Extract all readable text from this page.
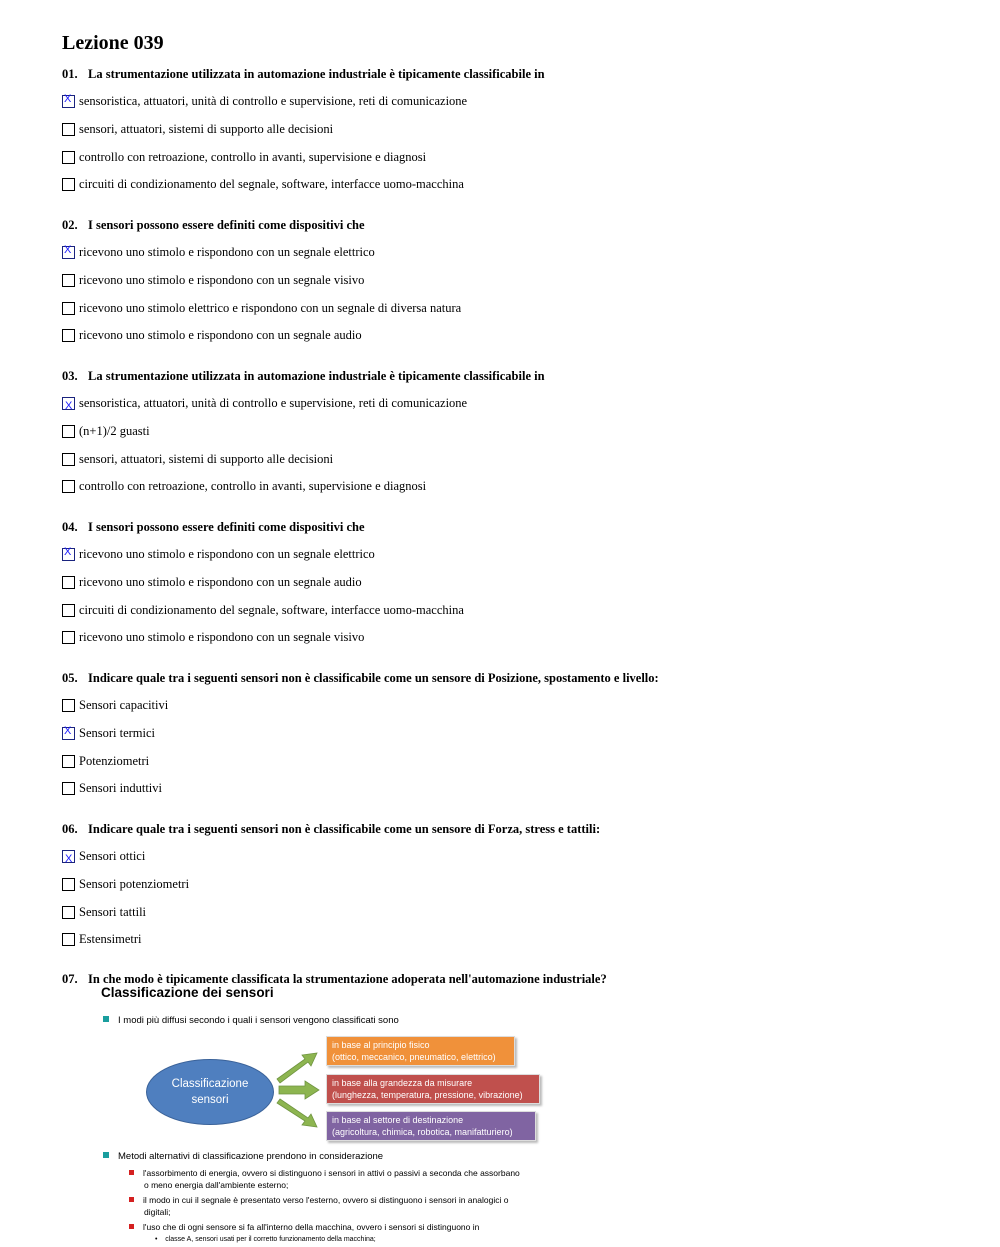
Lezione 039
01. La strumentazione utilizzata in automazione industriale è tipicamente classificabile in
X sensoristica, attuatori, unità di controllo e supervisione, reti di comunicazione
sensori, attuatori, sistemi di supporto alle decisioni
controllo con retroazione, controllo in avanti, supervisione e diagnosi
circuiti di condizionamento del segnale, software, interfacce uomo-macchina
02. I sensori possono essere definiti come dispositivi che
X ricevono uno stimolo e rispondono con un segnale elettrico
ricevono uno stimolo e rispondono con un segnale visivo
ricevono uno stimolo elettrico e rispondono con un segnale di diversa natura
ricevono uno stimolo e rispondono con un segnale audio
03. La strumentazione utilizzata in automazione industriale è tipicamente classificabile in
X sensoristica, attuatori, unità di controllo e supervisione, reti di comunicazione
(n+1)/2 guasti
sensori, attuatori, sistemi di supporto alle decisioni
controllo con retroazione, controllo in avanti, supervisione e diagnosi
04. I sensori possono essere definiti come dispositivi che
X ricevono uno stimolo e rispondono con un segnale elettrico
ricevono uno stimolo e rispondono con un segnale audio
circuiti di condizionamento del segnale, software, interfacce uomo-macchina
ricevono uno stimolo e rispondono con un segnale visivo
05. Indicare quale tra i seguenti sensori non è classificabile come un sensore di Posizione, spostamento e livello:
Sensori capacitivi
X Sensori termici
Potenziometri
Sensori induttivi
06. Indicare quale tra i seguenti sensori non è classificabile come un sensore di Forza, stress e tattili:
X Sensori ottici
Sensori potenziometri
Sensori tattili
Estensimetri
07. In che modo è tipicamente classificata la strumentazione adoperata nell'automazione industriale?
Classificazione dei sensori
I modi più diffusi secondo i quali i sensori vengono classificati sono
Classificazione
sensori
in base al principio fisico
(ottico, meccanico, pneumatico, elettrico)
in base alla grandezza da misurare
(lunghezza, temperatura, pressione, vibrazione)
in base al settore di destinazione
(agricoltura, chimica, robotica, manifatturiero)
Metodi alternativi di classificazione prendono in considerazione
l'assorbimento di energia, ovvero si distinguono i sensori in attivi o passivi a seconda che assorbano
o meno energia dall'ambiente esterno;
il modo in cui il segnale è presentato verso l'esterno, ovvero si distinguono i sensori in analogici o
digitali;
l'uso che di ogni sensore si fa all'interno della macchina, ovvero i sensori si distinguono in
•    classe A, sensori usati per il corretto funzionamento della macchina;
